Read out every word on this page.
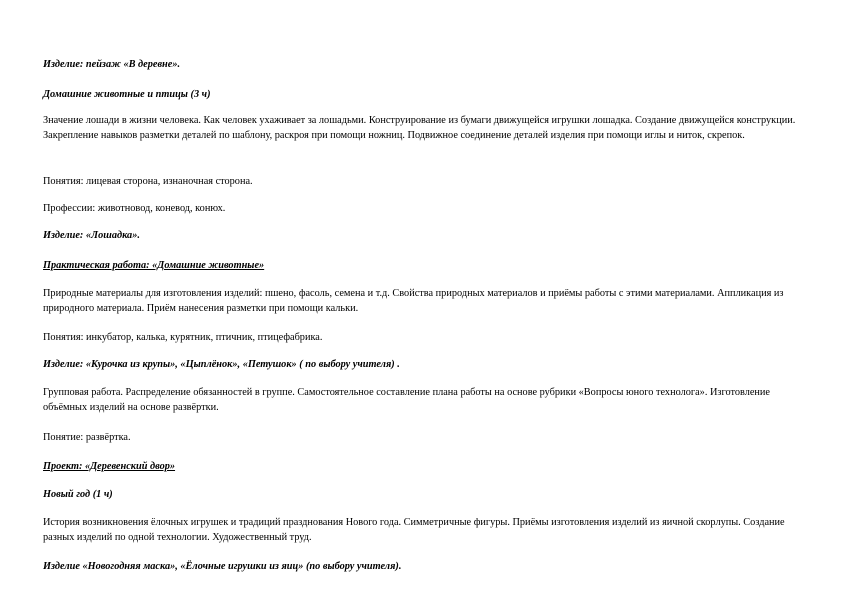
Изделие: пейзаж «В деревне».

Домашние животные и птицы (3 ч)

Значение лошади в жизни человека. Как человек ухаживает за лошадьми. Конструирование из бумаги движущейся игрушки лошадка. Создание движущейся конструкции. Закрепление навыков разметки деталей по шаблону, раскроя при помощи ножниц. Подвижное соединение деталей изделия при помощи иглы и ниток, скрепок.

Понятия: лицевая сторона, изнаночная сторона.

Профессии: животновод, коневод, конюх.

Изделие: «Лошадка».

Практическая работа: «Домашние животные»

Природные материалы для изготовления изделий: пшено, фасоль, семена и т.д. Свойства природных материалов и приёмы работы с этими материалами. Аппликация из природного материала. Приём нанесения разметки при помощи кальки.

Понятия: инкубатор, калька, курятник, птичник, птицефабрика.

Изделие: «Курочка из крупы», «Цыплёнок», «Петушок» ( по выбору учителя) .

Групповая работа. Распределение обязанностей в группе. Самостоятельное составление плана работы на основе рубрики «Вопросы юного технолога». Изготовление объёмных изделий на основе развёртки.

Понятие: развёртка.

Проект: «Деревенский двор»

Новый год (1 ч)

История возникновения ёлочных игрушек и традиций празднования Нового года. Симметричные фигуры. Приёмы изготовления изделий из яичной скорлупы. Создание разных изделий по одной технологии. Художественный труд.

Изделие «Новогодняя маска», «Ёлочные игрушки из яиц» (по выбору учителя).
